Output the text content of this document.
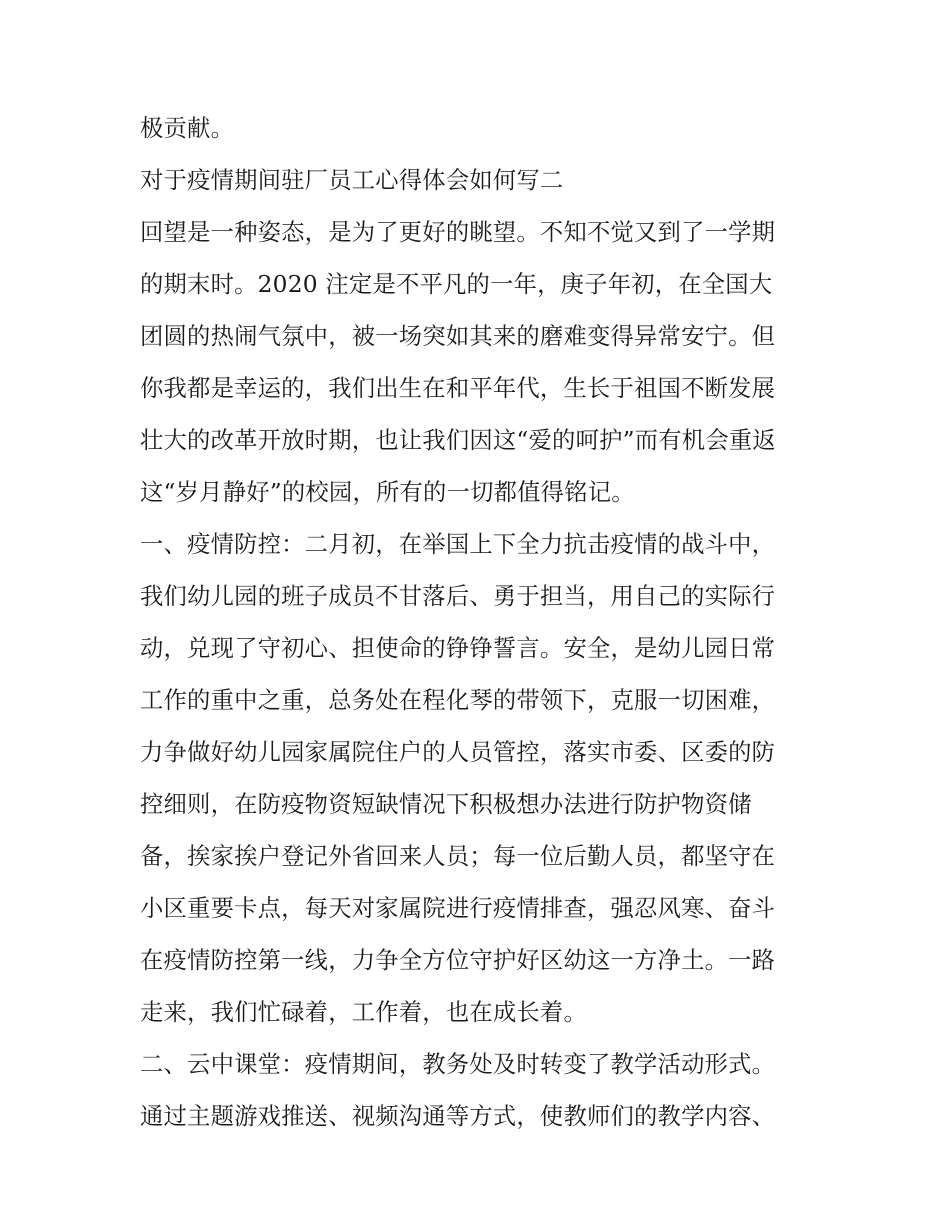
极贡献。
对于疫情期间驻厂员工心得体会如何写二
回望是一种姿态，是为了更好的眺望。不知不觉又到了一学期
的期末时。2020 注定是不平凡的一年，庚子年初，在全国大
团圆的热闹气氛中，被一场突如其来的磨难变得异常安宁。但
你我都是幸运的，我们出生在和平年代，生长于祖国不断发展
壮大的改革开放时期，也让我们因这“爱的呵护”而有机会重返
这“岁月静好”的校园，所有的一切都值得铭记。
一、疫情防控：二月初，在举国上下全力抗击疫情的战斗中，
我们幼儿园的班子成员不甘落后、勇于担当，用自己的实际行
动，兑现了守初心、担使命的铮铮誓言。安全，是幼儿园日常
工作的重中之重，总务处在程化琴的带领下，克服一切困难，
力争做好幼儿园家属院住户的人员管控，落实市委、区委的防
控细则，在防疫物资短缺情况下积极想办法进行防护物资储
备，挨家挨户登记外省回来人员；每一位后勤人员，都坚守在
小区重要卡点，每天对家属院进行疫情排查，强忍风寒、奋斗
在疫情防控第一线，力争全方位守护好区幼这一方净土。一路
走来，我们忙碌着，工作着，也在成长着。
二、云中课堂：疫情期间，教务处及时转变了教学活动形式。
通过主题游戏推送、视频沟通等方式，使教师们的教学内容、
